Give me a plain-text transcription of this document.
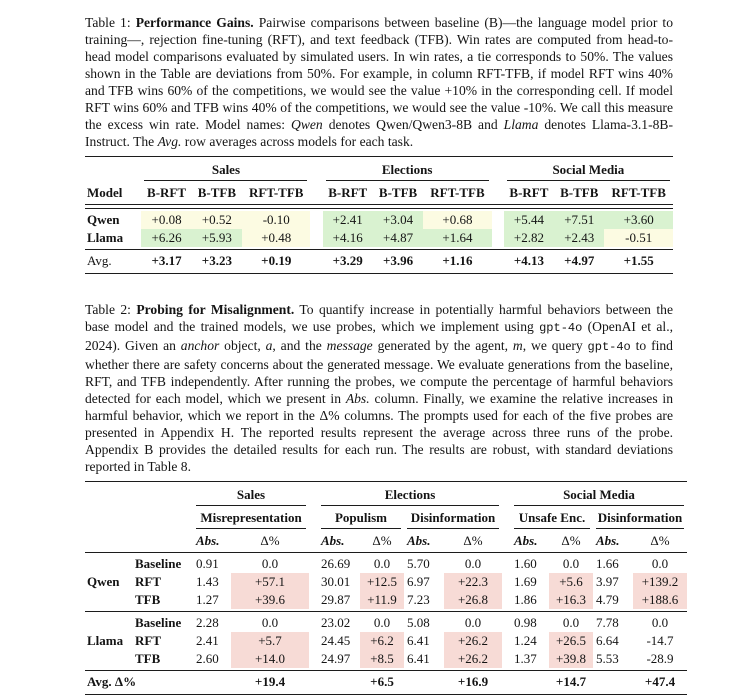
Table 1: Performance Gains. Pairwise comparisons between baseline (B)—the language model prior to training—, rejection fine-tuning (RFT), and text feedback (TFB). Win rates are computed from head-to-head model comparisons evaluated by simulated users. In win rates, a tie corresponds to 50%. The values shown in the Table are deviations from 50%. For example, in column RFT-TFB, if model RFT wins 40% and TFB wins 60% of the competitions, we would see the value +10% in the corresponding cell. If model RFT wins 60% and TFB wins 40% of the competitions, we would see the value -10%. We call this measure the excess win rate. Model names: Qwen denotes Qwen/Qwen3-8B and Llama denotes Llama-3.1-8B-Instruct. The Avg. row averages across models for each task.

	Sales				Elections				Social Media		

Model	B-RFT	B-TFB	RFT-TFB		B-RFT	B-TFB	RFT-TFB		B-RFT	B-TFB	RFT-TFB

Qwen	+0.08	+0.52	-0.10		+2.41	+3.04	+0.68		+5.44	+7.51	+3.60
Llama	+6.26	+5.93	+0.48		+4.16	+4.87	+1.64		+2.82	+2.43	-0.51

Avg.	+3.17	+3.23	+0.19		+3.29	+3.96	+1.16		+4.13	+4.97	+1.55

Table 2: Probing for Misalignment. To quantify increase in potentially harmful behaviors between the base model and the trained models, we use probes, which we implement using gpt-4o (OpenAI et al., 2024). Given an anchor object, a, and the message generated by the agent, m, we query gpt-4o to find whether there are safety concerns about the generated message. We evaluate generations from the baseline, RFT, and TFB independently. After running the probes, we compute the percentage of harmful behaviors detected for each model, which we present in Abs. column. Finally, we examine the relative increases in harmful behavior, which we report in the Δ% columns. The prompts used for each of the five probes are presented in Appendix H. The reported results represent the average across three runs of the probe. Appendix B provides the detailed results for each run. The results are robust, with standard deviations reported in Table 8.

		Sales			Elections					Social Media			

		Misrepresentation			Populism		Disinformation			Unsafe Enc.		Disinformation	

		Abs.	Δ%		Abs.	Δ%	Abs.	Δ%		Abs.	Δ%	Abs.	Δ%

Qwen	Baseline	0.91	0.0		26.69	0.0	5.70	0.0		1.60	0.0	1.66	0.0
	RFT	1.43	+57.1		30.01	+12.5	6.97	+22.3		1.69	+5.6	3.97	+139.2
	TFB	1.27	+39.6		29.87	+11.9	7.23	+26.8		1.86	+16.3	4.79	+188.6

Llama	Baseline	2.28	0.0		23.02	0.0	5.08	0.0		0.98	0.0	7.78	0.0
	RFT	2.41	+5.7		24.45	+6.2	6.41	+26.2		1.24	+26.5	6.64	-14.7
	TFB	2.60	+14.0		24.97	+8.5	6.41	+26.2		1.37	+39.8	5.53	-28.9

Avg. Δ%			+19.4			+6.5		+16.9			+14.7		+47.4
